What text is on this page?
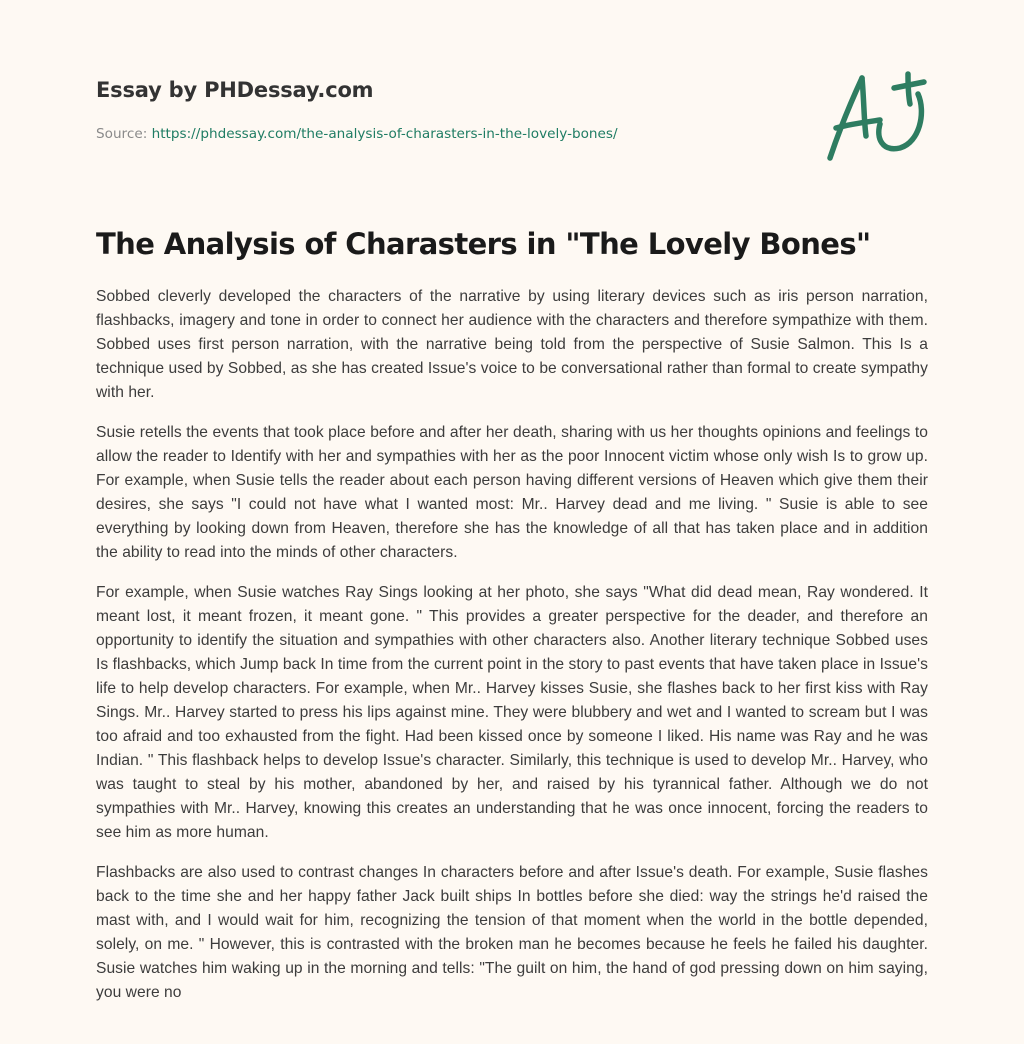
Essay by PHDessay.com
Source: https://phdessay.com/the-analysis-of-charasters-in-the-lovely-bones/
The Analysis of Charasters in "The Lovely Bones"

Sobbed cleverly developed the characters of the narrative by using literary devices such as iris person narration, flashbacks, imagery and tone in order to connect her audience with the characters and therefore sympathize with them. Sobbed uses first person narration, with the narrative being told from the perspective of Susie Salmon. This Is a technique used by Sobbed, as she has created Issue's voice to be conversational rather than formal to create sympathy with her.

Susie retells the events that took place before and after her death, sharing with us her thoughts opinions and feelings to allow the reader to Identify with her and sympathies with her as the poor Innocent victim whose only wish Is to grow up. For example, when Susie tells the reader about each person having different versions of Heaven which give them their desires, she says "I could not have what I wanted most: Mr.. Harvey dead and me living. " Susie is able to see everything by looking down from Heaven, therefore she has the knowledge of all that has taken place and in addition the ability to read into the minds of other characters.

For example, when Susie watches Ray Sings looking at her photo, she says "What did dead mean, Ray wondered. It meant lost, it meant frozen, it meant gone. " This provides a greater perspective for the deader, and therefore an opportunity to identify the situation and sympathies with other characters also. Another literary technique Sobbed uses Is flashbacks, which Jump back In time from the current point in the story to past events that have taken place in Issue's life to help develop characters. For example, when Mr.. Harvey kisses Susie, she flashes back to her first kiss with Ray Sings. Mr.. Harvey started to press his lips against mine. They were blubbery and wet and I wanted to scream but I was too afraid and too exhausted from the fight. Had been kissed once by someone I liked. His name was Ray and he was Indian. " This flashback helps to develop Issue's character. Similarly, this technique is used to develop Mr.. Harvey, who was taught to steal by his mother, abandoned by her, and raised by his tyrannical father. Although we do not sympathies with Mr.. Harvey, knowing this creates an understanding that he was once innocent, forcing the readers to see him as more human.

Flashbacks are also used to contrast changes In characters before and after Issue's death. For example, Susie flashes back to the time she and her happy father Jack built ships In bottles before she died: way the strings he'd raised the mast with, and I would wait for him, recognizing the tension of that moment when the world in the bottle depended, solely, on me. " However, this is contrasted with the broken man he becomes because he feels he failed his daughter. Susie watches him waking up in the morning and tells: "The guilt on him, the hand of god pressing down on him saying, you were no
